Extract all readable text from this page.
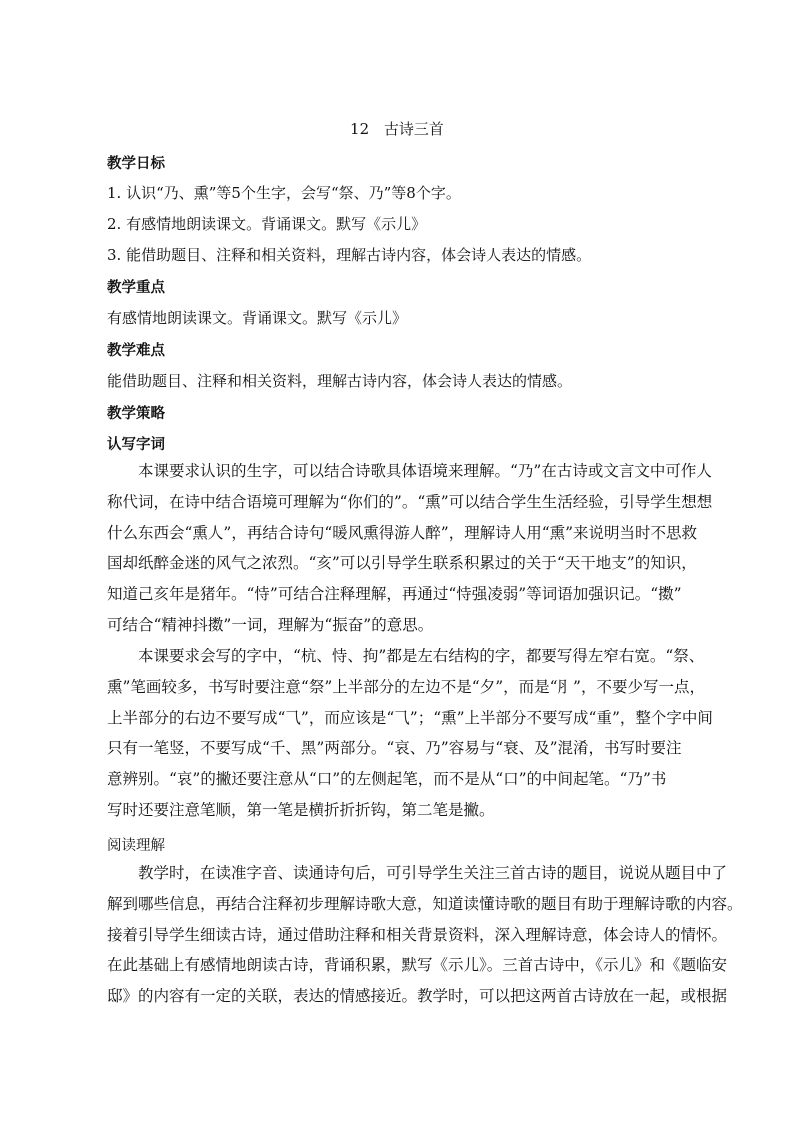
12 古诗三首
教学日标
1. 认识“乃、熏”等5个生字，会写“祭、乃”等8个字。
2. 有感情地朗读课文。背诵课文。默写《示儿》
3. 能借助题目、注释和相关资料，理解古诗内容，体会诗人表达的情感。
教学重点
有感情地朗读课文。背诵课文。默写《示儿》
教学难点
能借助题目、注释和相关资料，理解古诗内容，体会诗人表达的情感。
教学策略
认写字词
本课要求认识的生字，可以结合诗歌具体语境来理解。“乃”在古诗或文言文中可作人
称代词，在诗中结合语境可理解为“你们的”。“熏”可以结合学生生活经验，引导学生想想
什么东西会“熏人”，再结合诗句“暖风熏得游人醉”，理解诗人用“熏”来说明当时不思救
国却纸醉金迷的风气之浓烈。“亥”可以引导学生联系积累过的关于“天干地支”的知识，
知道己亥年是猪年。“恃”可结合注释理解，再通过“恃强凌弱”等词语加强识记。“擞”
可结合“精神抖擞”一词，理解为“振奋”的意思。
本课要求会写的字中，“杭、恃、拘”都是左右结构的字，都要写得左窄右宽。“祭、
熏”笔画较多，书写时要注意“祭”上半部分的左边不是“夕”，而是“⺼”，不要少写一点，
上半部分的右边不要写成“⺄”，而应该是“⺄”；“熏”上半部分不要写成“重”，整个字中间
只有一笔竖，不要写成“千、黑”两部分。“哀、乃”容易与“衰、及”混淆，书写时要注
意辨别。“哀”的撇还要注意从“口”的左侧起笔，而不是从“口”的中间起笔。“乃”书
写时还要注意笔顺，第一笔是横折折折钩，第二笔是撇。
阅读理解
教学时，在读准字音、读通诗句后，可引导学生关注三首古诗的题目，说说从题目中了
解到哪些信息，再结合注释初步理解诗歌大意，知道读懂诗歌的题目有助于理解诗歌的内容。
接着引导学生细读古诗，通过借助注释和相关背景资料，深入理解诗意，体会诗人的情怀。
在此基础上有感情地朗读古诗，背诵积累，默写《示儿》。三首古诗中，《示儿》和《题临安
邸》的内容有一定的关联，表达的情感接近。教学时，可以把这两首古诗放在一起，或根据
